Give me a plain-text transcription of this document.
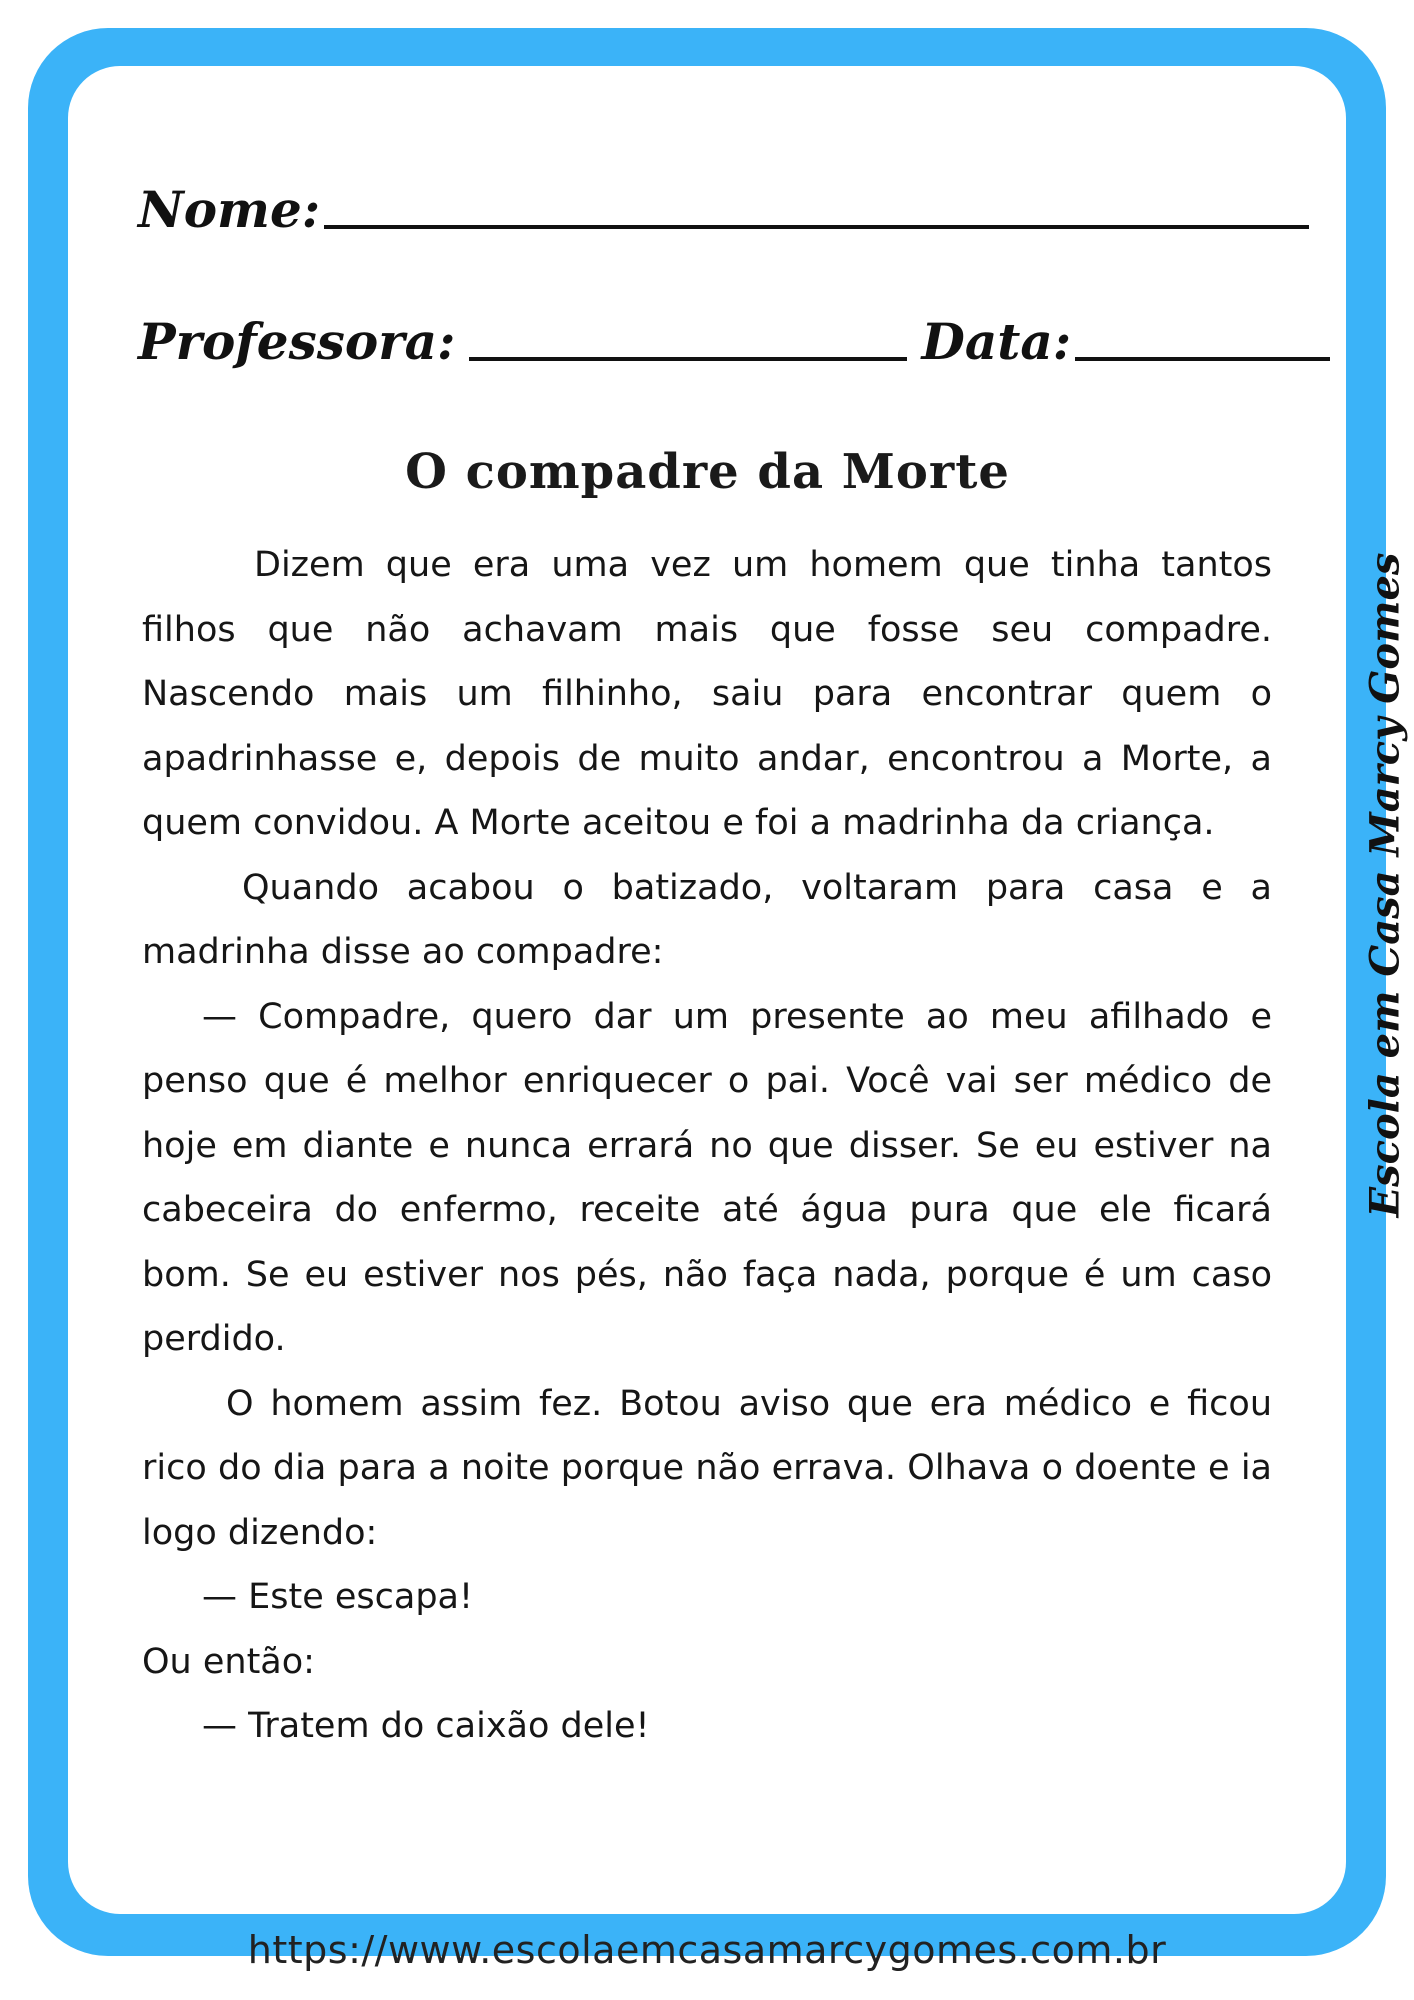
Nome:
Professora:	Data:
O compadre da Morte

Dizem que era uma vez um homem que tinha tantos filhos que não achavam mais que fosse seu compadre. Nascendo mais um filhinho, saiu para encontrar quem o apadrinhasse e, depois de muito andar, encontrou a Morte, a quem convidou. A Morte aceitou e foi a madrinha da criança.

Quando acabou o batizado, voltaram para casa e a madrinha disse ao compadre:

— Compadre, quero dar um presente ao meu afilhado e penso que é melhor enriquecer o pai. Você vai ser médico de hoje em diante e nunca errará no que disser. Se eu estiver na cabeceira do enfermo, receite até água pura que ele ficará bom. Se eu estiver nos pés, não faça nada, porque é um caso perdido.

O homem assim fez. Botou aviso que era médico e ficou rico do dia para a noite porque não errava. Olhava o doente e ia logo dizendo:

— Este escapa!

Ou então:

— Tratem do caixão dele!

Escola em Casa Marcy Gomes
https://www.escolaemcasamarcygomes.com.br
